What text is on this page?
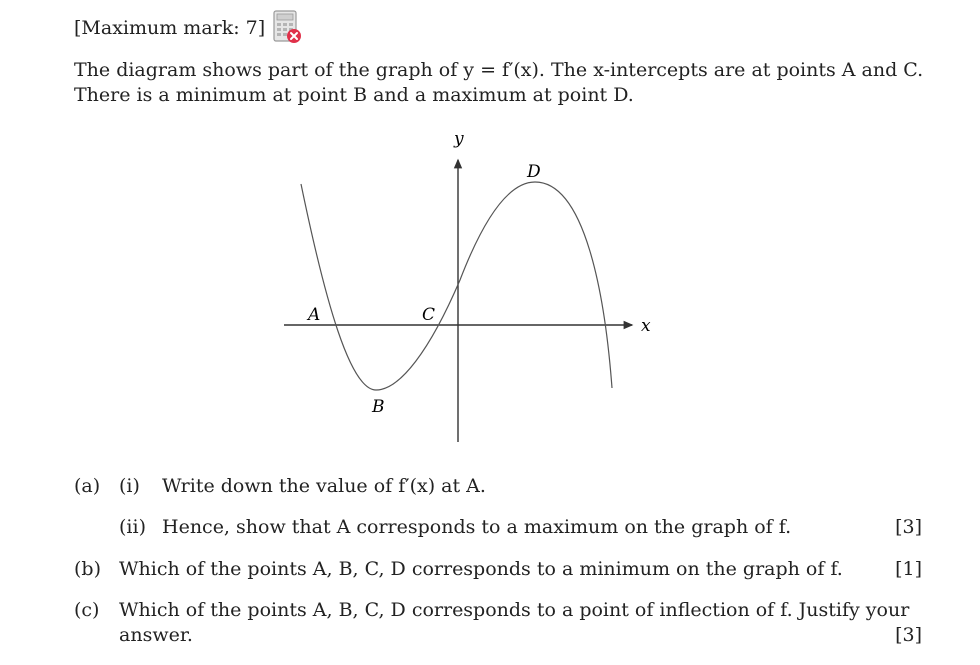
[Maximum mark: 7]
The diagram shows part of the graph of y = f′(x). The x-intercepts are at points A and C.
There is a minimum at point B and a maximum at point D.
y
x
A
B
C
D
(a) (i) Write down the value of f′(x) at A.
(ii) Hence, show that A corresponds to a maximum on the graph of f.	[3]
(b) Which of the points A, B, C, D corresponds to a minimum on the graph of f.	[1]
(c) Which of the points A, B, C, D corresponds to a point of inflection of f. Justify your
answer.	[3]
